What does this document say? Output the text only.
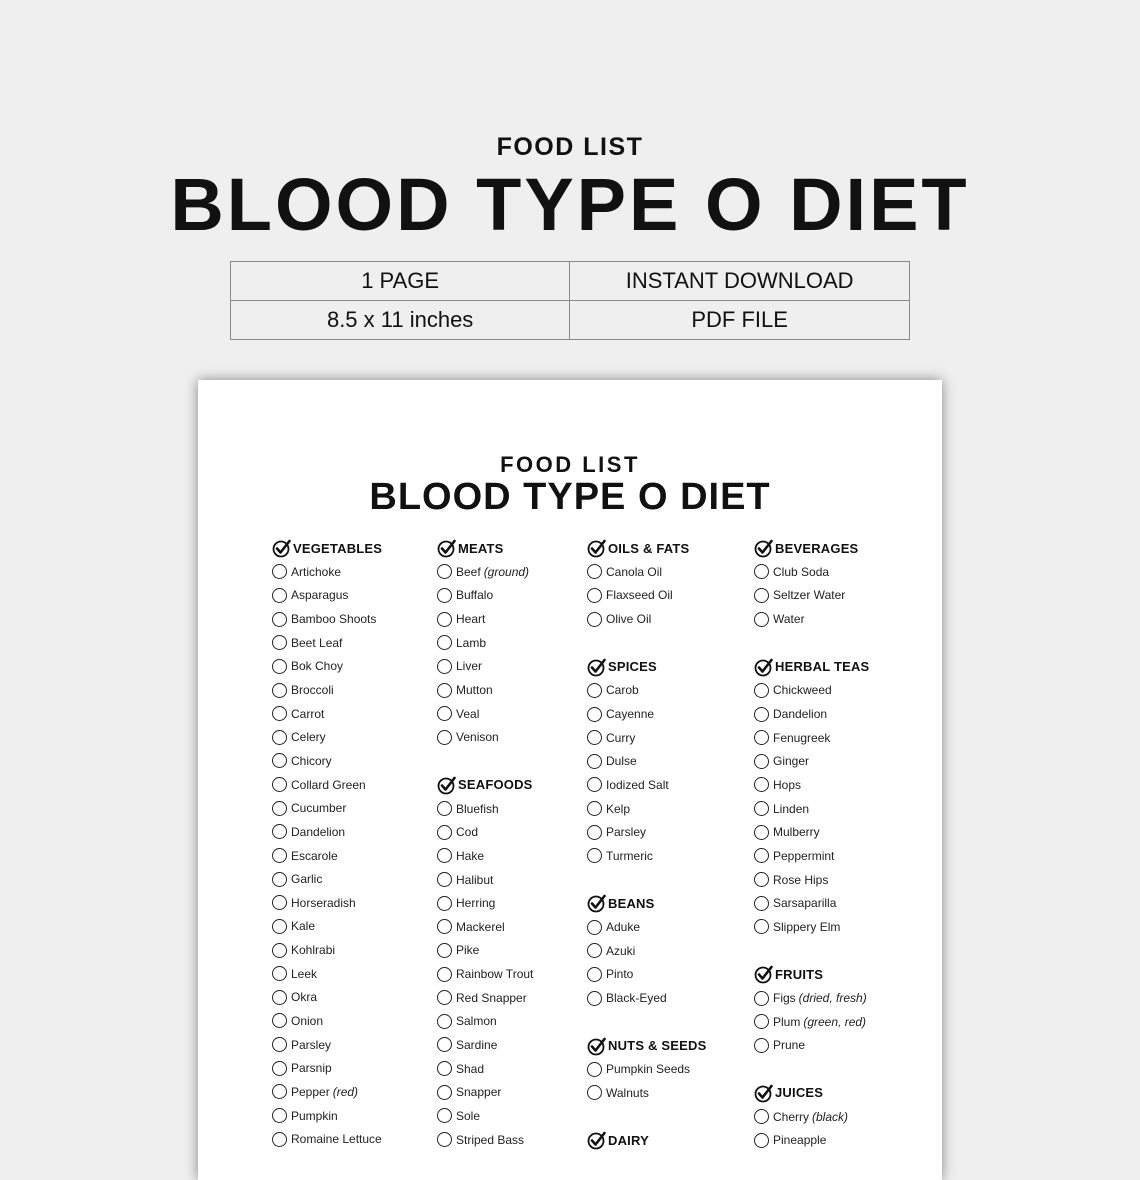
FOOD LIST
BLOOD TYPE O DIET
1 PAGE	INSTANT DOWNLOAD
8.5 x 11 inches	PDF FILE
FOOD LIST
BLOOD TYPE O DIET
VEGETABLES
Artichoke
Asparagus
Bamboo Shoots
Beet Leaf
Bok Choy
Broccoli
Carrot
Celery
Chicory
Collard Green
Cucumber
Dandelion
Escarole
Garlic
Horseradish
Kale
Kohlrabi
Leek
Okra
Onion
Parsley
Parsnip
Pepper (red)
Pumpkin
Romaine Lettuce
MEATS
Beef (ground)
Buffalo
Heart
Lamb
Liver
Mutton
Veal
Venison
SEAFOODS
Bluefish
Cod
Hake
Halibut
Herring
Mackerel
Pike
Rainbow Trout
Red Snapper
Salmon
Sardine
Shad
Snapper
Sole
Striped Bass
OILS & FATS
Canola Oil
Flaxseed Oil
Olive Oil
SPICES
Carob
Cayenne
Curry
Dulse
Iodized Salt
Kelp
Parsley
Turmeric
BEANS
Aduke
Azuki
Pinto
Black-Eyed
NUTS & SEEDS
Pumpkin Seeds
Walnuts
DAIRY
BEVERAGES
Club Soda
Seltzer Water
Water
HERBAL TEAS
Chickweed
Dandelion
Fenugreek
Ginger
Hops
Linden
Mulberry
Peppermint
Rose Hips
Sarsaparilla
Slippery Elm
FRUITS
Figs (dried, fresh)
Plum (green, red)
Prune
JUICES
Cherry (black)
Pineapple
